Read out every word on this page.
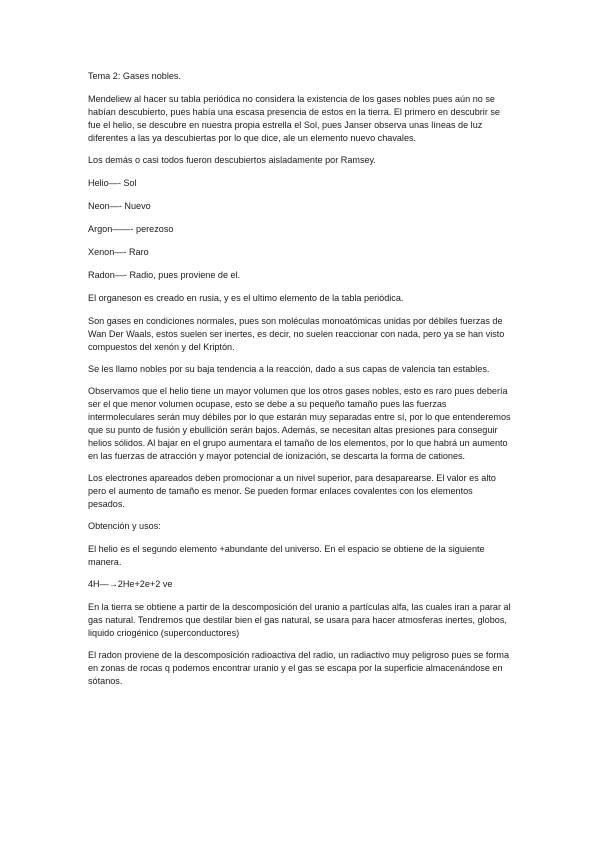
Tema 2: Gases nobles.

Mendeliew al hacer su tabla periódica no considera la existencia de los gases nobles pues aún no se habían descubierto, pues había una escasa presencia de estos en la tierra. El primero en descubrir se fue el helio, se descubre en nuestra propia estrella el Sol, pues Janser observa unas líneas de luz diferentes a las ya descubiertas por lo que dice, ale un elemento nuevo chavales.

Los demás o casi todos fueron descubiertos aisladamente por Ramsey.

Helio—- Sol

Neon—- Nuevo

Argon——- perezoso

Xenon—- Raro

Radon—- Radio, pues proviene de el.

El organeson es creado en rusia, y es el ultimo elemento de la tabla periódica.

Son gases en condiciones normales, pues son moléculas monoatómicas unidas por débiles fuerzas de Wan Der Waals, estos suelen ser inertes, es decir, no suelen reaccionar con nada, pero ya se han visto compuestos del xenón y del Kriptón.

Se les llamo nobles por su baja tendencia a la reacción, dado a sus capas de valencia tan estables.

Observamos que el helio tiene un mayor volumen que los otros gases nobles, esto es raro pues debería ser el que menor volumen ocupase, esto se debe a su pequeño tamaño pues las fuerzas intermoleculares serán muy débiles por lo que estarán muy separadas entre sí, por lo que entenderemos que su punto de fusión y ebullición serán bajos. Además, se necesitan altas presiones para conseguir helios sólidos. Al bajar en el grupo aumentara el tamaño de los elementos, por lo que habrá un aumento en las fuerzas de atracción y mayor potencial de ionización, se descarta la forma de cationes.

Los electrones apareados deben promocionar a un nivel superior, para desaparearse. El valor es alto pero el aumento de tamaño es menor. Se pueden formar enlaces covalentes con los elementos pesados.

Obtención y usos:

El helio es el segundo elemento +abundante del universo. En el espacio se obtiene de la siguiente manera.

4H—→2He+2e+2 ve

En la tierra se obtiene a partir de la descomposición del uranio a partículas alfa, las cuales iran a parar al gas natural. Tendremos que destilar bien el gas natural, se usara para hacer atmosferas inertes, globos, liquido criogénico (superconductores)

El radon proviene de la descomposición radioactiva del radio, un radiactivo muy peligroso pues se forma en zonas de rocas q podemos encontrar uranio y el gas se escapa por la superficie almacenándose en sótanos.
